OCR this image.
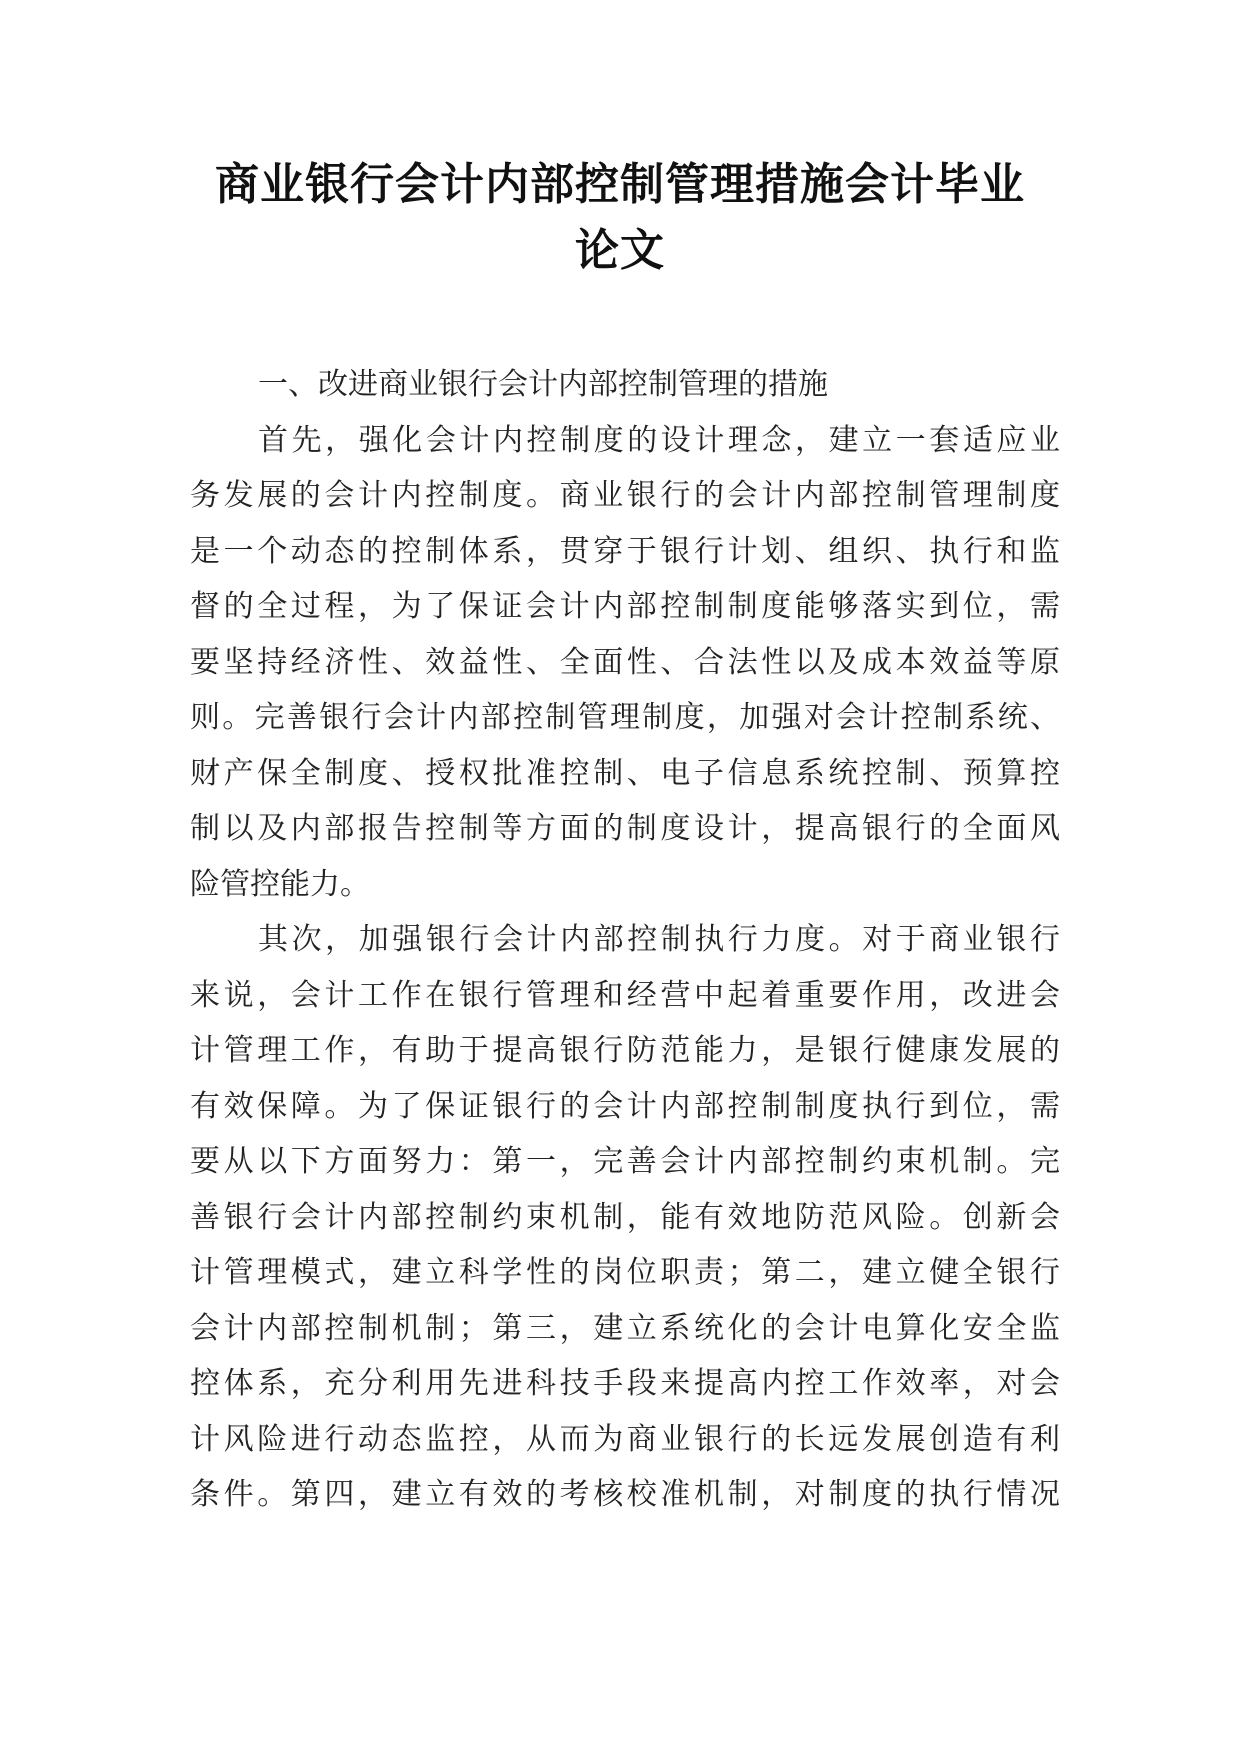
商业银行会计内部控制管理措施会计毕业
论文
一、改进商业银行会计内部控制管理的措施
首先，强化会计内控制度的设计理念，建立一套适应业
务发展的会计内控制度。商业银行的会计内部控制管理制度
是一个动态的控制体系，贯穿于银行计划、组织、执行和监
督的全过程，为了保证会计内部控制制度能够落实到位，需
要坚持经济性、效益性、全面性、合法性以及成本效益等原
则。完善银行会计内部控制管理制度，加强对会计控制系统、
财产保全制度、授权批准控制、电子信息系统控制、预算控
制以及内部报告控制等方面的制度设计，提高银行的全面风
险管控能力。
其次，加强银行会计内部控制执行力度。对于商业银行
来说，会计工作在银行管理和经营中起着重要作用，改进会
计管理工作，有助于提高银行防范能力，是银行健康发展的
有效保障。为了保证银行的会计内部控制制度执行到位，需
要从以下方面努力：第一，完善会计内部控制约束机制。完
善银行会计内部控制约束机制，能有效地防范风险。创新会
计管理模式，建立科学性的岗位职责；第二，建立健全银行
会计内部控制机制；第三，建立系统化的会计电算化安全监
控体系，充分利用先进科技手段来提高内控工作效率，对会
计风险进行动态监控，从而为商业银行的长远发展创造有利
条件。第四，建立有效的考核校准机制，对制度的执行情况
